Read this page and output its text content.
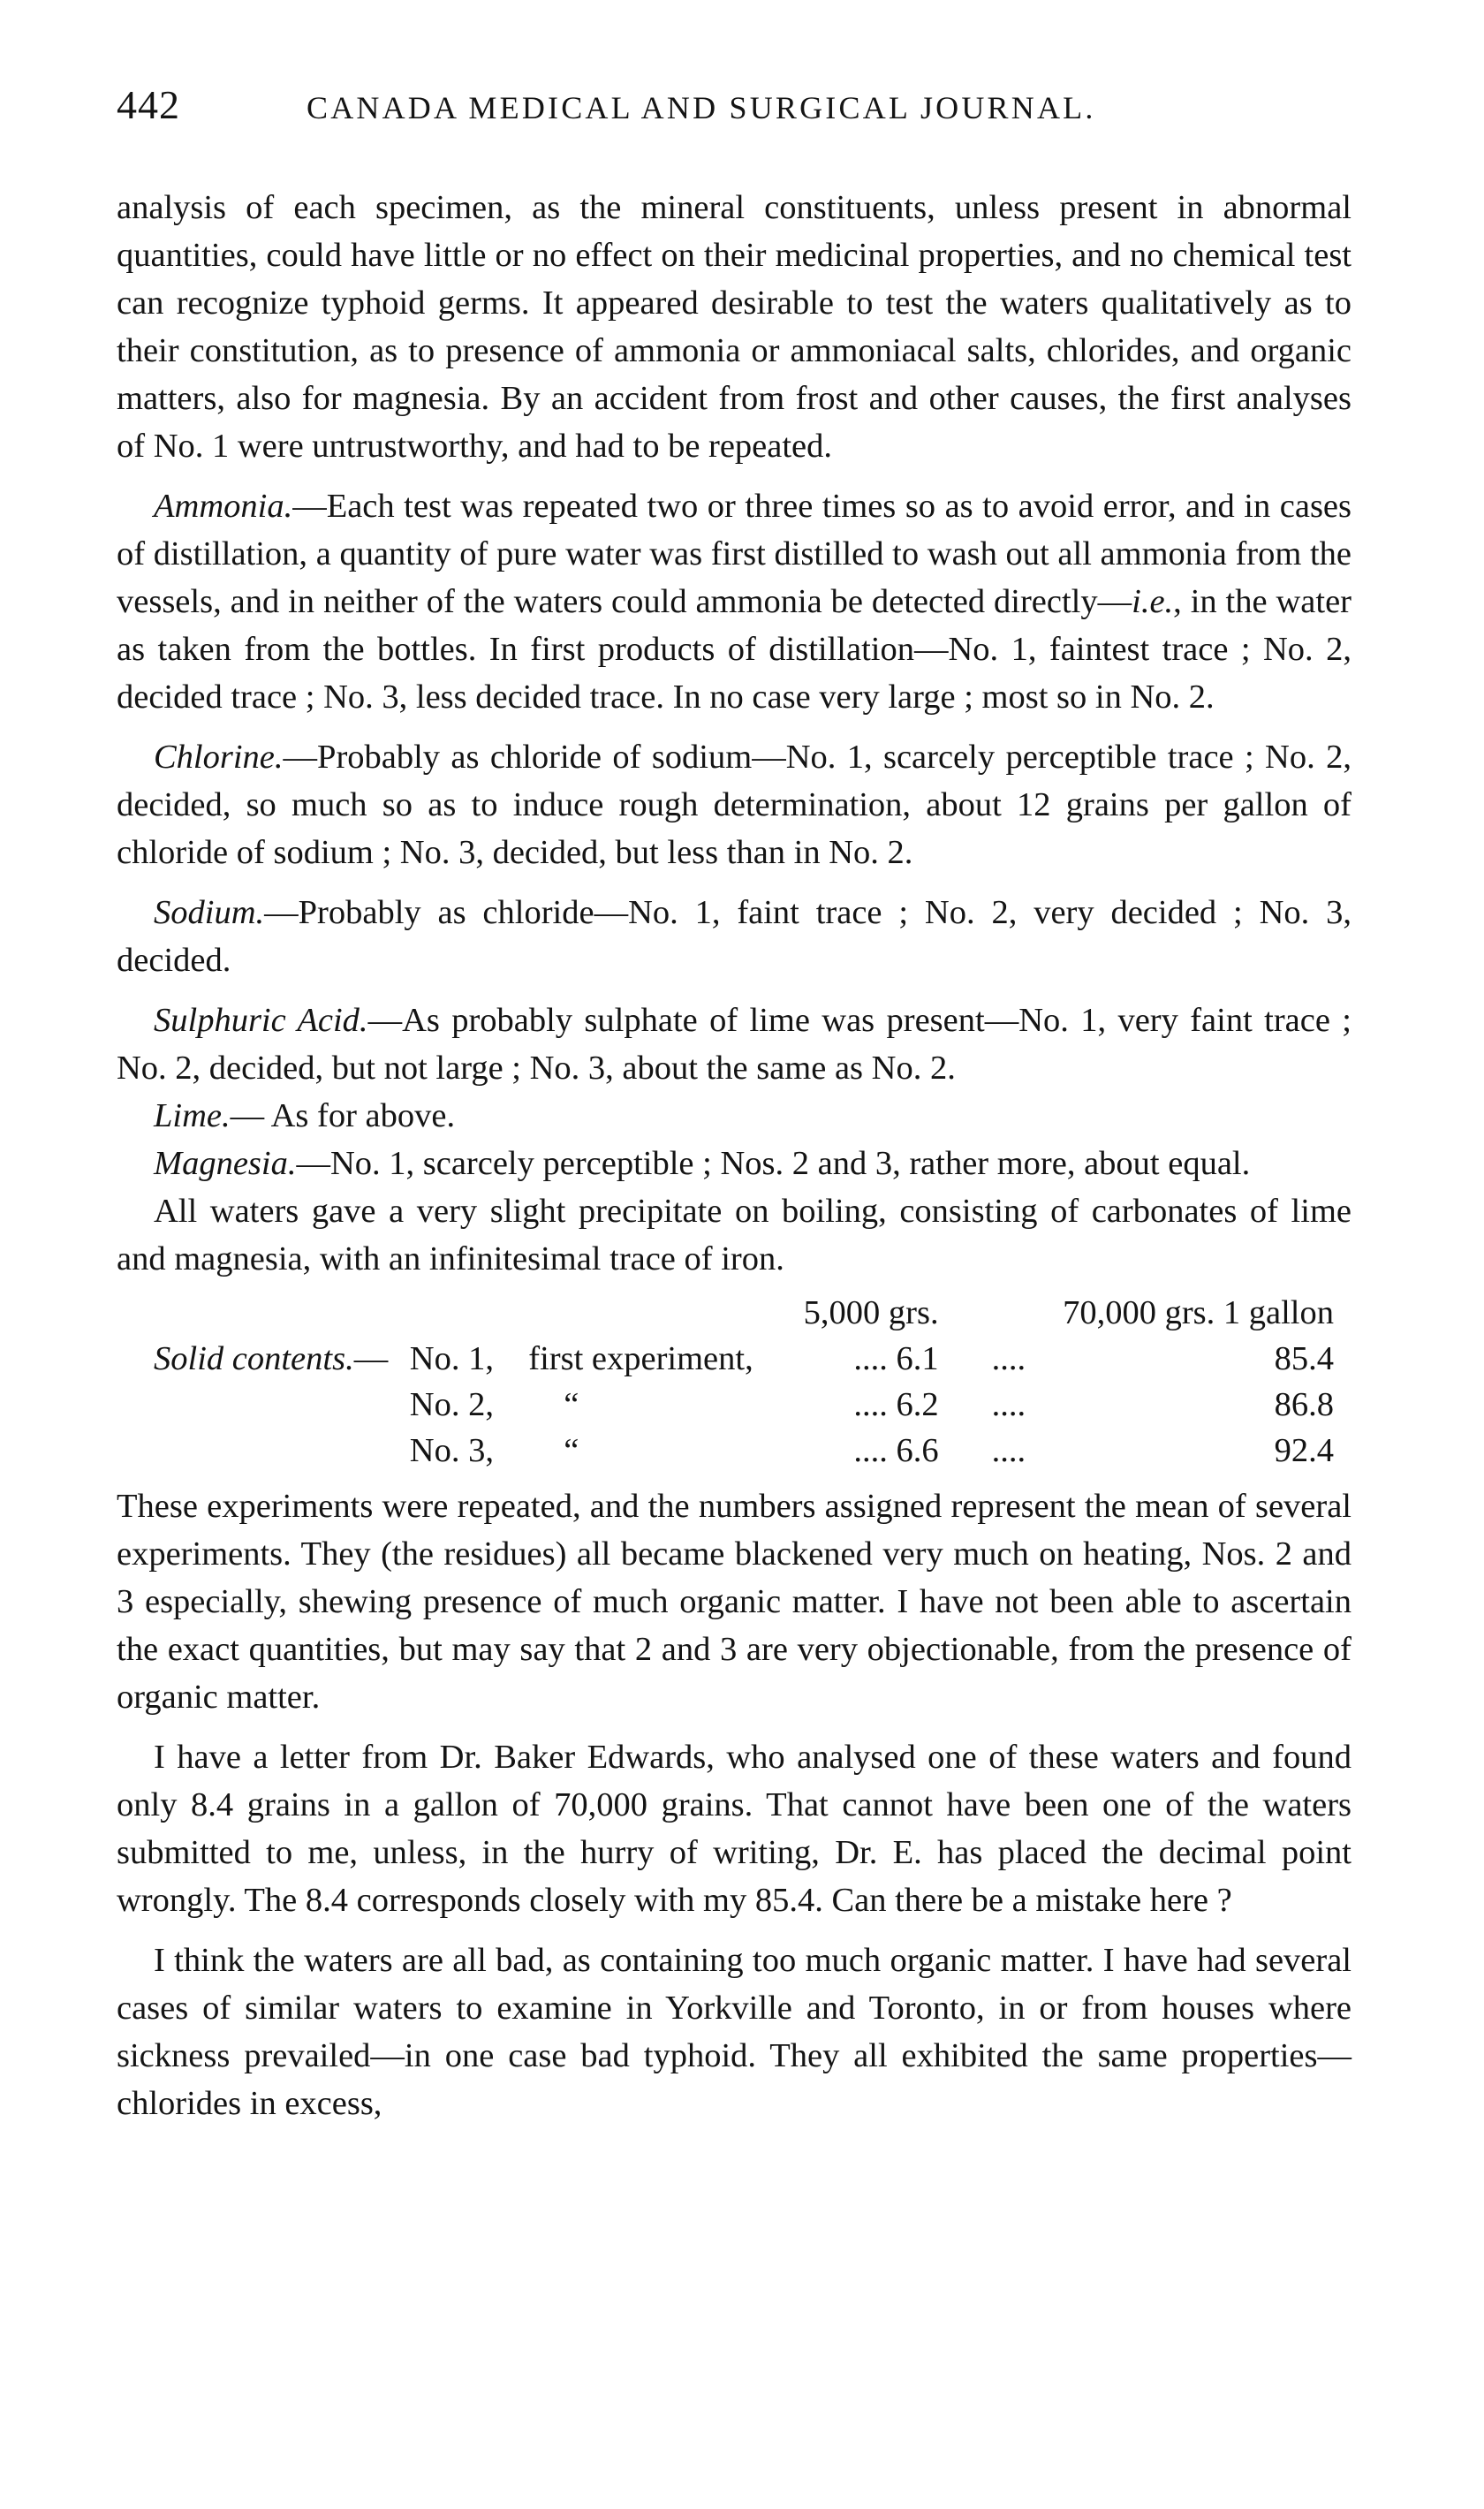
442	CANADA MEDICAL AND SURGICAL JOURNAL.

analysis of each specimen, as the mineral constituents, unless present in abnormal quantities, could have little or no effect on their medicinal properties, and no chemical test can recognize typhoid germs. It appeared desirable to test the waters qualitatively as to their constitution, as to presence of ammonia or ammoniacal salts, chlorides, and organic matters, also for magnesia. By an accident from frost and other causes, the first analyses of No. 1 were untrustworthy, and had to be repeated.

Ammonia.—Each test was repeated two or three times so as to avoid error, and in cases of distillation, a quantity of pure water was first distilled to wash out all ammonia from the vessels, and in neither of the waters could ammonia be detected directly—i.e., in the water as taken from the bottles. In first products of distillation—No. 1, faintest trace ; No. 2, decided trace ; No. 3, less decided trace. In no case very large ; most so in No. 2.

Chlorine.—Probably as chloride of sodium—No. 1, scarcely perceptible trace ; No. 2, decided, so much so as to induce rough determination, about 12 grains per gallon of chloride of sodium ; No. 3, decided, but less than in No. 2.

Sodium.—Probably as chloride—No. 1, faint trace ; No. 2, very decided ; No. 3, decided.

Sulphuric Acid.—As probably sulphate of lime was present—No. 1, very faint trace ; No. 2, decided, but not large ; No. 3, about the same as No. 2.

Lime.— As for above.

Magnesia.—No. 1, scarcely perceptible ; Nos. 2 and 3, rather more, about equal.

All waters gave a very slight precipitate on boiling, consisting of carbonates of lime and magnesia, with an infinitesimal trace of iron.

			5,000 grs.		70,000 grs. 1 gallon
Solid contents.—	No. 1,	first experiment,	.... 6.1	....	85.4
	No. 2,	“	.... 6.2	....	86.8
	No. 3,	“	.... 6.6	....	92.4

These experiments were repeated, and the numbers assigned represent the mean of several experiments. They (the residues) all became blackened very much on heating, Nos. 2 and 3 especially, shewing presence of much organic matter. I have not been able to ascertain the exact quantities, but may say that 2 and 3 are very objectionable, from the presence of organic matter.

I have a letter from Dr. Baker Edwards, who analysed one of these waters and found only 8.4 grains in a gallon of 70,000 grains. That cannot have been one of the waters submitted to me, unless, in the hurry of writing, Dr. E. has placed the decimal point wrongly. The 8.4 corresponds closely with my 85.4. Can there be a mistake here ?

I think the waters are all bad, as containing too much organic matter. I have had several cases of similar waters to examine in Yorkville and Toronto, in or from houses where sickness prevailed—in one case bad typhoid. They all exhibited the same properties—chlorides in excess,
